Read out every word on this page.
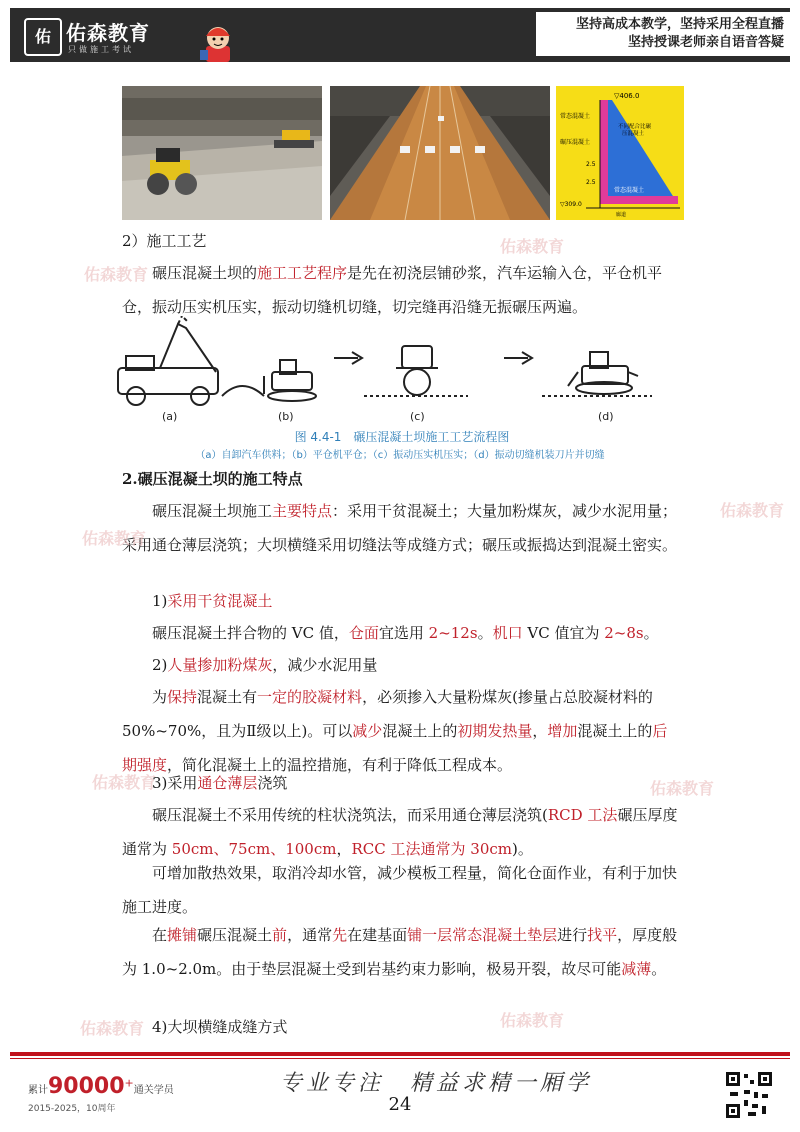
佑 佑森教育
只做施工考试
坚持高成本教学，坚持采用全程直播
坚持授课老师亲自语音答疑
▽406.0
▽309.0
常态混凝土
不同配合比碾
压混凝土
碾压混凝土
2.5
2.5
常态混凝土
廊道

2）施工工艺

碾压混凝土坝的施工工艺程序是先在初浇层铺砂浆，汽车运输入仓，平仓机平仓，振动压实机压实，振动切缝机切缝，切完缝再沿缝无振碾压两遍。

(a)	(b)	(c)	(d)
图 4.4-1　碾压混凝土坝施工工艺流程图
（a）自卸汽车供料；（b）平仓机平仓；（c）振动压实机压实；（d）振动切缝机装刀片并切缝

2.碾压混凝土坝的施工特点

碾压混凝土坝施工主要特点：采用干贫混凝土；大量加粉煤灰，减少水泥用量；采用通仓薄层浇筑；大坝横缝采用切缝法等成缝方式；碾压或振捣达到混凝土密实。

1)采用干贫混凝土

碾压混凝土拌合物的 VC 值，仓面宜选用 2~12s。机口 VC 值宜为 2~8s。

2)人量掺加粉煤灰，减少水泥用量

为保持混凝土有一定的胶凝材料，必须掺入大量粉煤灰(掺量占总胶凝材料的 50%~70%，且为Ⅱ级以上)。可以减少混凝土上的初期发热量，增加混凝土上的后期强度，简化混凝土上的温控措施，有利于降低工程成本。

3)采用通仓薄层浇筑

碾压混凝土不采用传统的柱状浇筑法，而采用通仓薄层浇筑(RCD 工法碾压厚度通常为 50cm、75cm、100cm，RCC 工法通常为 30cm)。

可增加散热效果，取消冷却水管，减少模板工程量，简化仓面作业，有利于加快施工进度。

在摊铺碾压混凝土前，通常先在建基面铺一层常态混凝土垫层进行找平，厚度般为 1.0~2.0m。由于垫层混凝土受到岩基约束力影响，极易开裂，故尽可能减薄。

4)大坝横缝成缝方式

佑森教育
佑森教育
佑森教育
佑森教育
佑森教育	佑森教育
佑森教育	佑森教育
累计90000+通关学员
2015-2025，10周年
专业专注　精益求精一厢学
24
